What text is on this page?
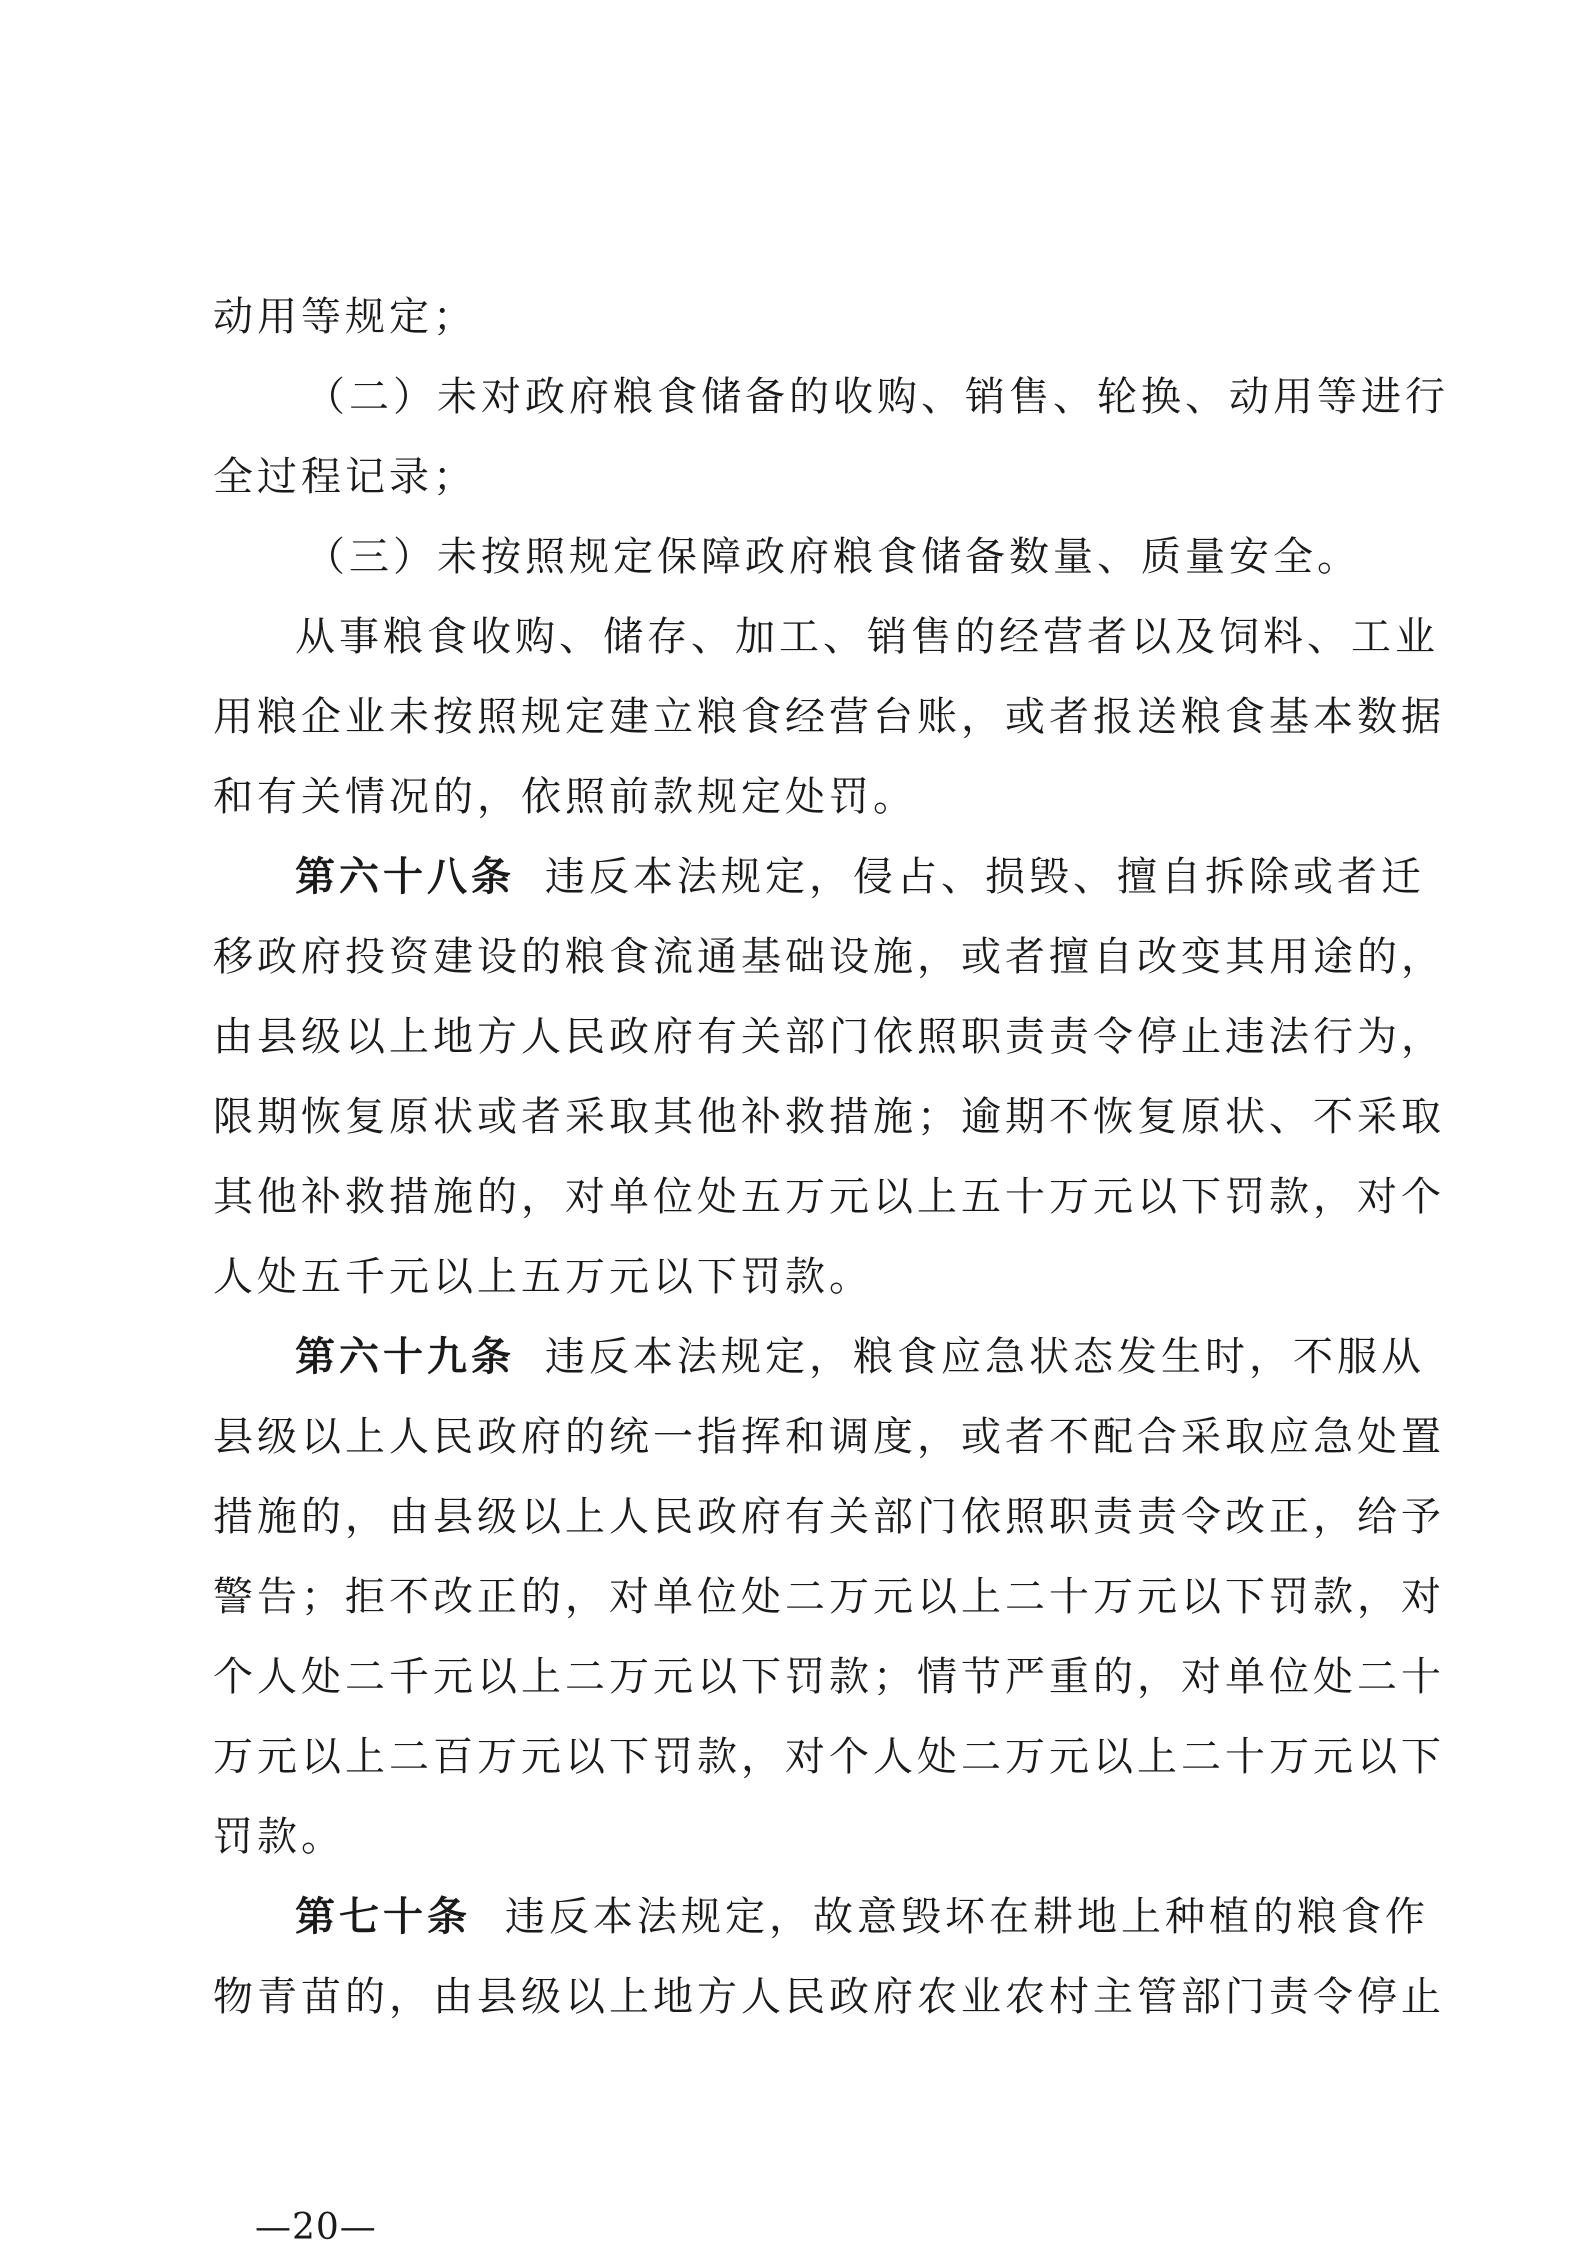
动用等规定；

（二）未对政府粮食储备的收购、销售、轮换、动用等进行

全过程记录；

（三）未按照规定保障政府粮食储备数量、质量安全。

从事粮食收购、储存、加工、销售的经营者以及饲料、工业

用粮企业未按照规定建立粮食经营台账，或者报送粮食基本数据

和有关情况的，依照前款规定处罚。

第六十八条

违反本法规定，侵占、损毁、擅自拆除或者迁

移政府投资建设的粮食流通基础设施，或者擅自改变其用途的，

由县级以上地方人民政府有关部门依照职责责令停止违法行为，

限期恢复原状或者采取其他补救措施；逾期不恢复原状、不采取

其他补救措施的，对单位处五万元以上五十万元以下罚款，对个

人处五千元以上五万元以下罚款。

第六十九条

违反本法规定，粮食应急状态发生时，不服从

县级以上人民政府的统一指挥和调度，或者不配合采取应急处置

措施的，由县级以上人民政府有关部门依照职责责令改正，给予

警告；拒不改正的，对单位处二万元以上二十万元以下罚款，对

个人处二千元以上二万元以下罚款；情节严重的，对单位处二十

万元以上二百万元以下罚款，对个人处二万元以上二十万元以下

罚款。

第七十条

违反本法规定，故意毁坏在耕地上种植的粮食作

物青苗的，由县级以上地方人民政府农业农村主管部门责令停止

—20—
